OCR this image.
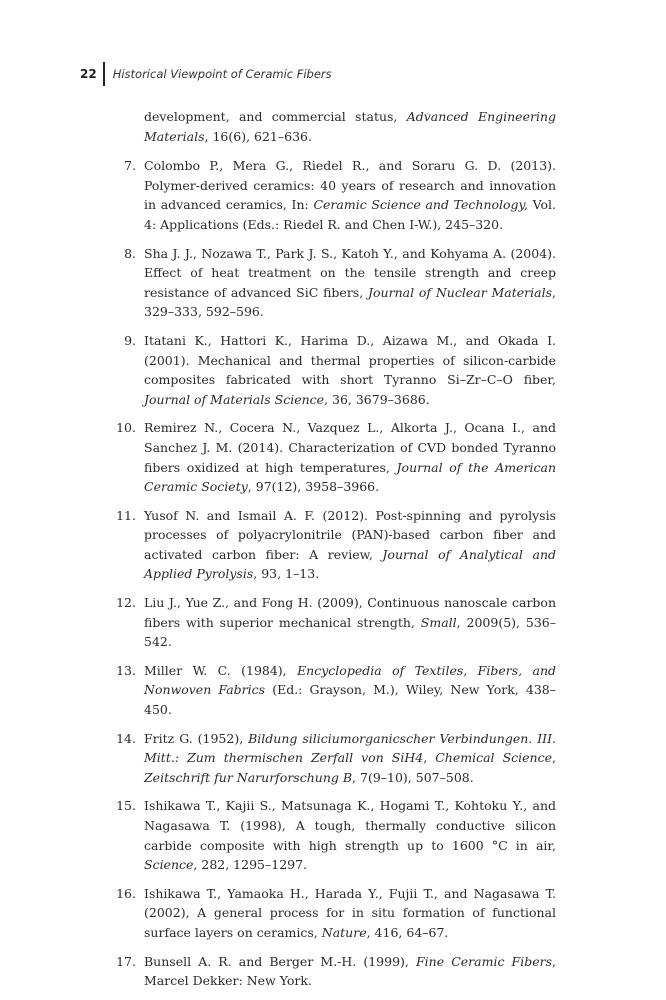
22 Historical Viewpoint of Ceramic Fibers
development, and commercial status, Advanced Engineering Materials, 16(6), 621–636.
7. Colombo P., Mera G., Riedel R., and Soraru G. D. (2013). Polymer-derived ceramics: 40 years of research and innovation in advanced ceramics, In: Ceramic Science and Technology, Vol. 4: Applications (Eds.: Riedel R. and Chen I-W.), 245–320.
8. Sha J. J., Nozawa T., Park J. S., Katoh Y., and Kohyama A. (2004). Effect of heat treatment on the tensile strength and creep resistance of advanced SiC fibers, Journal of Nuclear Materials, 329–333, 592–596.
9. Itatani K., Hattori K., Harima D., Aizawa M., and Okada I. (2001). Mechanical and thermal properties of silicon-carbide composites fabricated with short Tyranno Si–Zr–C–O fiber, Journal of Materials Science, 36, 3679–3686.
10. Remirez N., Cocera N., Vazquez L., Alkorta J., Ocana I., and Sanchez J. M. (2014). Characterization of CVD bonded Tyranno fibers oxidized at high temperatures, Journal of the American Ceramic Society, 97(12), 3958–3966.
11. Yusof N. and Ismail A. F. (2012). Post-spinning and pyrolysis processes of polyacrylonitrile (PAN)-based carbon fiber and activated carbon fiber: A review, Journal of Analytical and Applied Pyrolysis, 93, 1–13.
12. Liu J., Yue Z., and Fong H. (2009), Continuous nanoscale carbon fibers with superior mechanical strength, Small, 2009(5), 536–542.
13. Miller W. C. (1984), Encyclopedia of Textiles, Fibers, and Nonwoven Fabrics (Ed.: Grayson, M.), Wiley, New York, 438–450.
14. Fritz G. (1952), Bildung siliciumorganicscher Verbindungen. III. Mitt.: Zum thermischen Zerfall von SiH4, Chemical Science, Zeitschrift fur Narurforschung B, 7(9–10), 507–508.
15. Ishikawa T., Kajii S., Matsunaga K., Hogami T., Kohtoku Y., and Nagasawa T. (1998), A tough, thermally conductive silicon carbide composite with high strength up to 1600 °C in air, Science, 282, 1295–1297.
16. Ishikawa T., Yamaoka H., Harada Y., Fujii T., and Nagasawa T. (2002), A general process for in situ formation of functional surface layers on ceramics, Nature, 416, 64–67.
17. Bunsell A. R. and Berger M.-H. (1999), Fine Ceramic Fibers, Marcel Dekker: New York.
